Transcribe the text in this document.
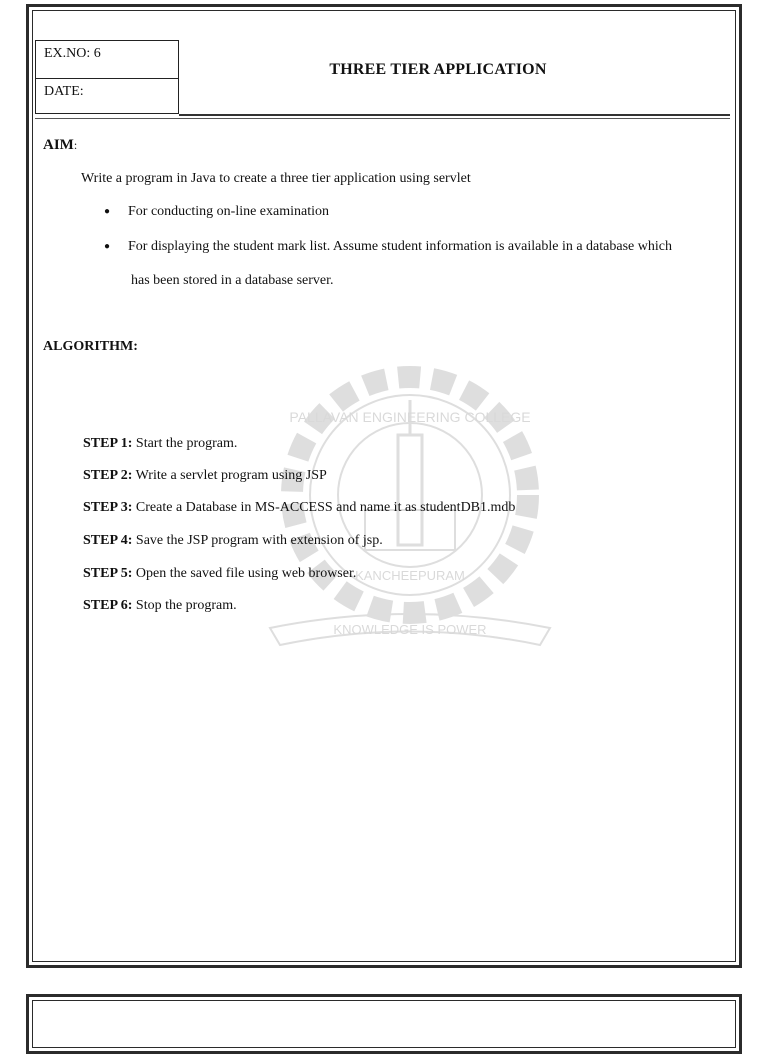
PALLAVAN ENGINEERING COLLEGE
KANCHEEPURAM
KNOWLEDGE IS POWER
EX.NO: 6
DATE:
THREE TIER APPLICATION
AIM:
Write a program in Java to create a three tier application using servlet
● For conducting on-line examination
● For displaying the student mark list. Assume student information is available in a database which
has been stored in a database server.
ALGORITHM:
STEP 1: Start the program.
STEP 2: Write a servlet program using JSP
STEP 3: Create a Database in MS-ACCESS and name it as studentDB1.mdb
STEP 4: Save the JSP program with extension of jsp.
STEP 5: Open the saved file using web browser.
STEP 6: Stop the program.
